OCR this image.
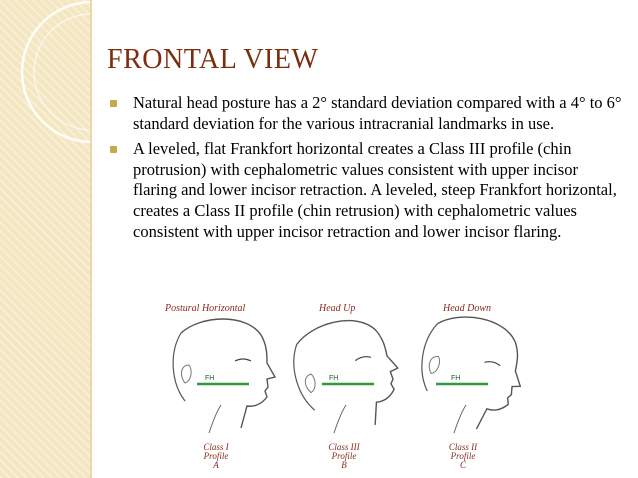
FRONTAL VIEW
Natural head posture has a 2° standard deviation compared with a 4° to 6° standard deviation for the various intracranial landmarks in use.
A leveled, flat Frankfort horizontal creates a Class III profile (chin protrusion) with cephalometric values consistent with upper incisor flaring and lower incisor retraction. A leveled, steep Frankfort horizontal, creates a Class II profile (chin retrusion) with cephalometric values consistent with upper incisor retraction and lower incisor flaring.
Postural Horizontal
FH
Class I
Profile
A
Head Up
FH
Class III
Profile
B
Head Down
FH
Class II
Profile
C
